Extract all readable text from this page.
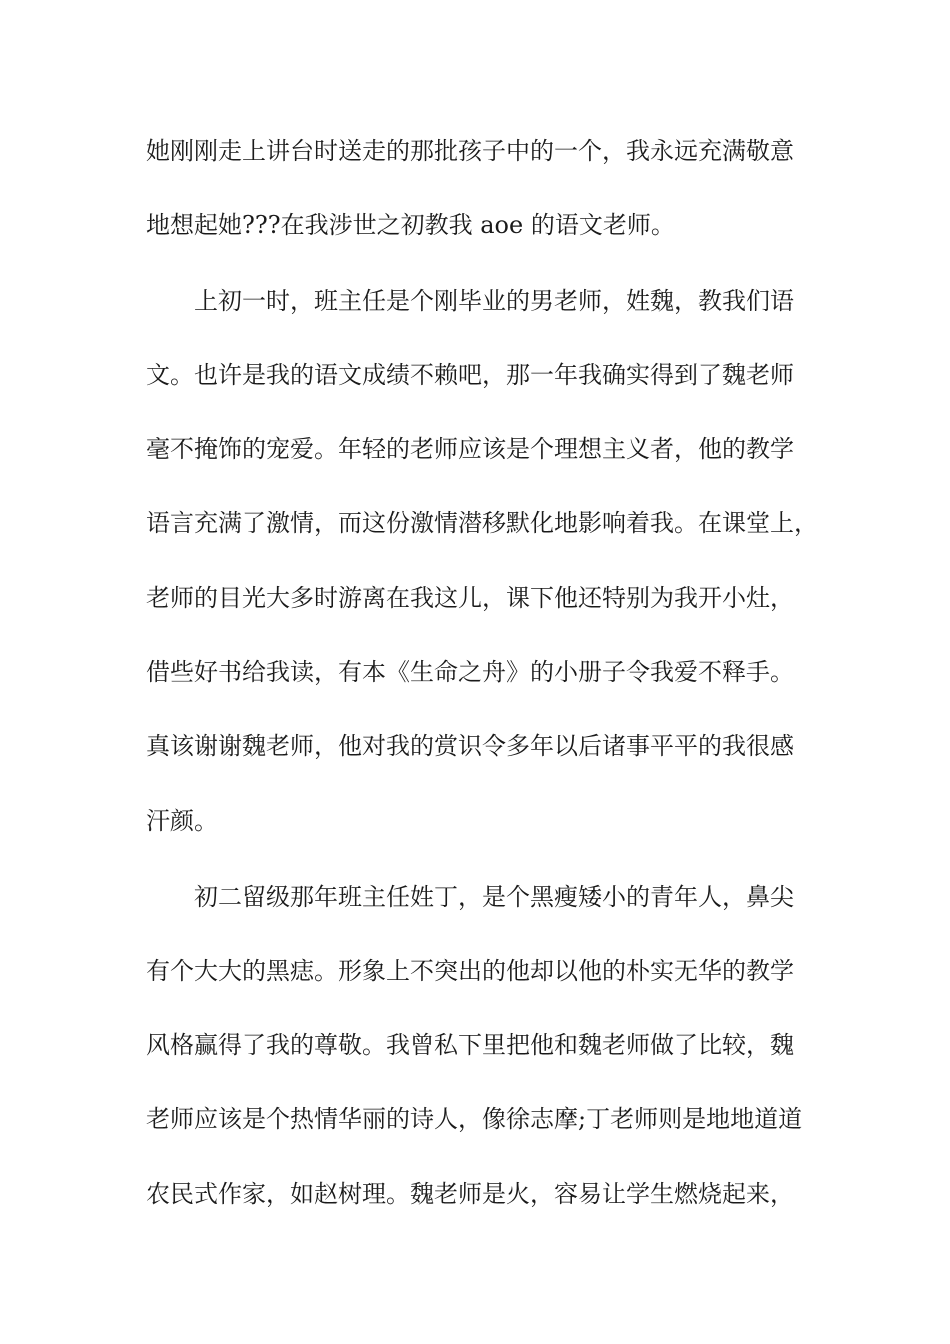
她刚刚走上讲台时送走的那批孩子中的一个，我永远充满敬意
地想起她???在我涉世之初教我 aoe 的语文老师。
上初一时，班主任是个刚毕业的男老师，姓魏，教我们语
文。也许是我的语文成绩不赖吧，那一年我确实得到了魏老师
毫不掩饰的宠爱。年轻的老师应该是个理想主义者，他的教学
语言充满了激情，而这份激情潜移默化地影响着我。在课堂上，
老师的目光大多时游离在我这儿，课下他还特别为我开小灶，
借些好书给我读，有本《生命之舟》的小册子令我爱不释手。
真该谢谢魏老师，他对我的赏识令多年以后诸事平平的我很感
汗颜。
初二留级那年班主任姓丁，是个黑瘦矮小的青年人，鼻尖
有个大大的黑痣。形象上不突出的他却以他的朴实无华的教学
风格赢得了我的尊敬。我曾私下里把他和魏老师做了比较，魏
老师应该是个热情华丽的诗人，像徐志摩;丁老师则是地地道道
农民式作家，如赵树理。魏老师是火，容易让学生燃烧起来，
